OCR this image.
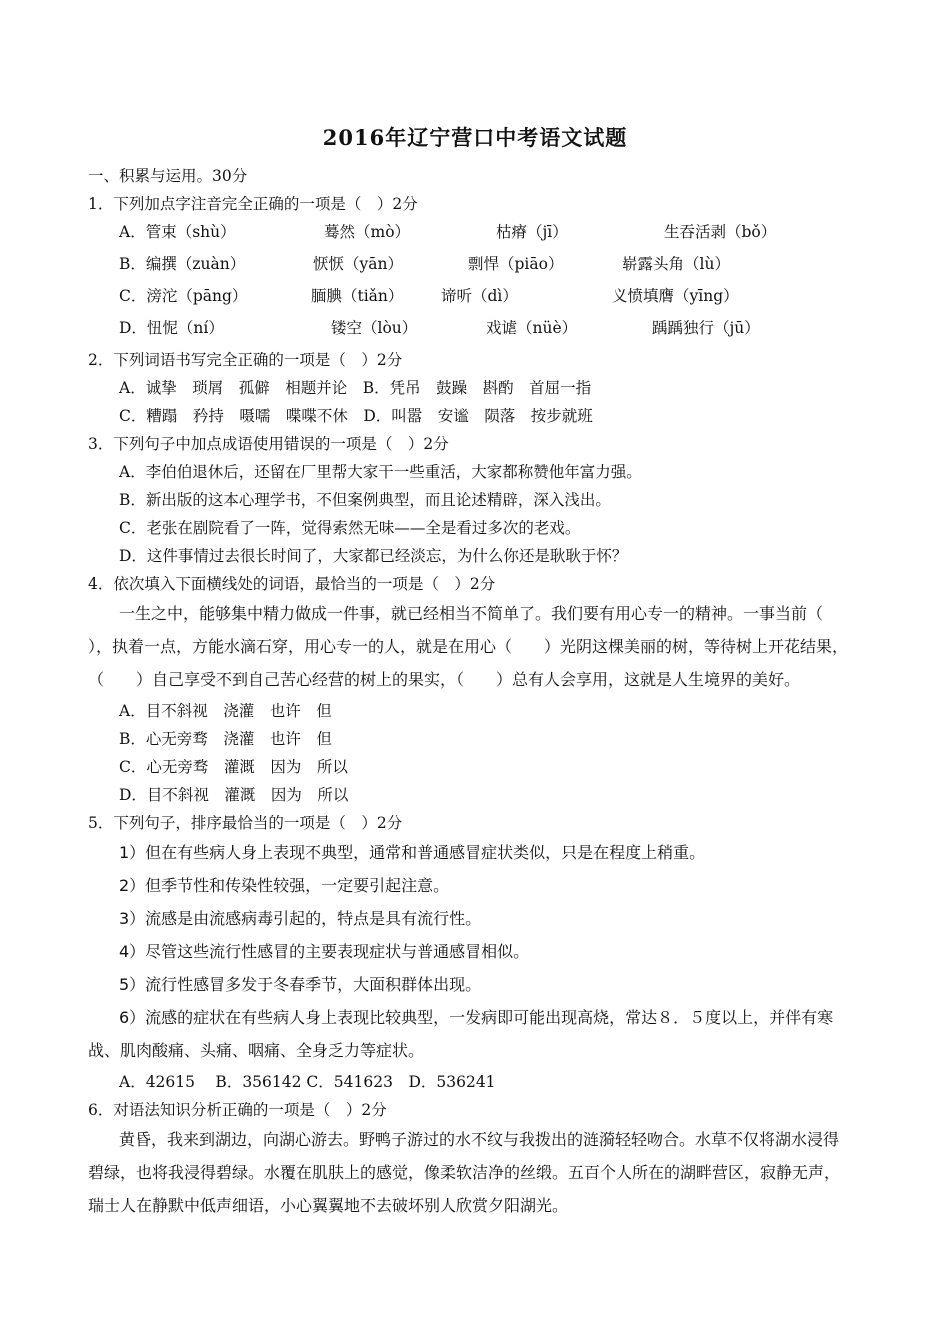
2016年辽宁营口中考语文试题
一、积累与运用。30分
1．下列加点字注音完全正确的一项是（　）2分
A．管束（shù）	蓦然（mò）	枯瘠（jī）	生吞活剥（bǒ）
B．编撰（zuàn）	恹恹（yān）	剽悍（piāo）	崭露头角（lù）
C．滂沱（pāng）	腼腆（tiǎn） 谛听（dì）	义愤填膺（yīng）
D．忸怩（ní）	镂空（lòu）	戏谑（nüè）	踽踽独行（jū）
2．下列词语书写完全正确的一项是（　）2分
A．诚挚　琐屑　孤僻　相题并论　B．凭吊　鼓躁　斟酌　首屈一指
C．糟蹋　矜持　嗫嚅　喋喋不休　D．叫嚣　安谧　陨落　按步就班
3．下列句子中加点成语使用错误的一项是（　）2分
A．李伯伯退休后，还留在厂里帮大家干一些重活，大家都称赞他年富力强。
B．新出版的这本心理学书，不但案例典型，而且论述精辟，深入浅出。
C．老张在剧院看了一阵，觉得索然无味——全是看过多次的老戏。
D．这件事情过去很长时间了，大家都已经淡忘，为什么你还是耿耿于怀？
4．依次填入下面横线处的词语，最恰当的一项是（　）2分
一生之中，能够集中精力做成一件事，就已经相当不简单了。我们要有用心专一的精神。一事当前（
），执着一点，方能水滴石穿，用心专一的人，就是在用心（　　）光阴这棵美丽的树，等待树上开花结果，
（　　）自己享受不到自己苦心经营的树上的果实，（　　）总有人会享用，这就是人生境界的美好。
A．目不斜视　浇灌　也许　但
B．心无旁骛　浇灌　也许　但
C．心无旁骛　灌溉　因为　所以
D．目不斜视　灌溉　因为　所以
5．下列句子，排序最恰当的一项是（　）2分
1）但在有些病人身上表现不典型，通常和普通感冒症状类似，只是在程度上稍重。
2）但季节性和传染性较强，一定要引起注意。
3）流感是由流感病毒引起的，特点是具有流行性。
4）尽管这些流行性感冒的主要表现症状与普通感冒相似。
5）流行性感冒多发于冬春季节，大面积群体出现。
6）流感的症状在有些病人身上表现比较典型，一发病即可能出现高烧，常达８．５度以上，并伴有寒
战、肌肉酸痛、头痛、咽痛、全身乏力等症状。
A．42615　 B．356142 C．541623　D．536241
6．对语法知识分析正确的一项是（　）2分
黄昏，我来到湖边，向湖心游去。野鸭子游过的水不纹与我拨出的涟漪轻轻吻合。水草不仅将湖水浸得
碧绿，也将我浸得碧绿。水覆在肌肤上的感觉，像柔软洁净的丝缎。五百个人所在的湖畔营区，寂静无声，
瑞士人在静默中低声细语，小心翼翼地不去破坏别人欣赏夕阳湖光。
